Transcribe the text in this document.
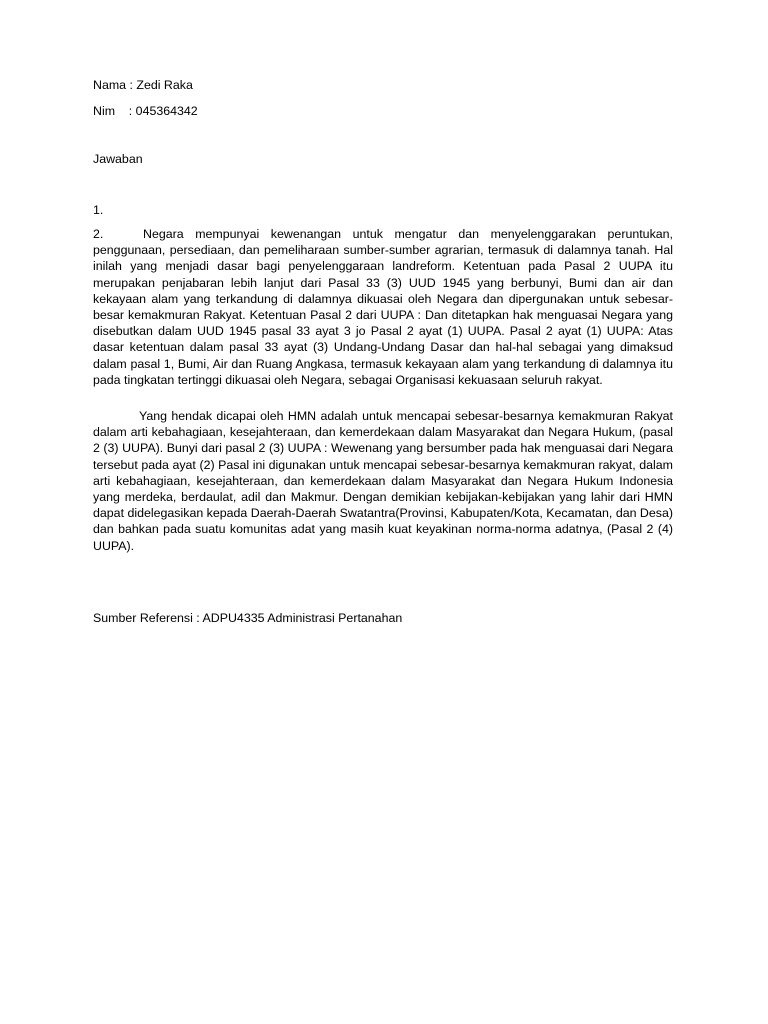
Nama : Zedi Raka
Nim    : 045364342
Jawaban
1.

2.	Negara mempunyai kewenangan untuk mengatur dan menyelenggarakan peruntukan, penggunaan, persediaan, dan pemeliharaan sumber-sumber agrarian, termasuk di dalamnya tanah. Hal inilah yang menjadi dasar bagi penyelenggaraan landreform. Ketentuan pada Pasal 2 UUPA itu merupakan penjabaran lebih lanjut dari Pasal 33 (3) UUD 1945 yang berbunyi, Bumi dan air dan kekayaan alam yang terkandung di dalamnya dikuasai oleh Negara dan dipergunakan untuk sebesar-besar kemakmuran Rakyat. Ketentuan Pasal 2 dari UUPA : Dan ditetapkan hak menguasai Negara yang disebutkan dalam UUD 1945 pasal 33 ayat 3 jo Pasal 2 ayat (1) UUPA. Pasal 2 ayat (1) UUPA: Atas dasar ketentuan dalam pasal 33 ayat (3) Undang-Undang Dasar dan hal-hal sebagai yang dimaksud dalam pasal 1, Bumi, Air dan Ruang Angkasa, termasuk kekayaan alam yang terkandung di dalamnya itu pada tingkatan tertinggi dikuasai oleh Negara, sebagai Organisasi kekuasaan seluruh rakyat.

Yang hendak dicapai oleh HMN adalah untuk mencapai sebesar-besarnya kemakmuran Rakyat dalam arti kebahagiaan, kesejahteraan, dan kemerdekaan dalam Masyarakat dan Negara Hukum, (pasal 2 (3) UUPA). Bunyi dari pasal 2 (3) UUPA : Wewenang yang bersumber pada hak menguasai dari Negara tersebut pada ayat (2) Pasal ini digunakan untuk mencapai sebesar-besarnya kemakmuran rakyat, dalam arti kebahagiaan, kesejahteraan, dan kemerdekaan dalam Masyarakat dan Negara Hukum Indonesia yang merdeka, berdaulat, adil dan Makmur. Dengan demikian kebijakan-kebijakan yang lahir dari HMN dapat didelegasikan kepada Daerah-Daerah Swatantra(Provinsi, Kabupaten/Kota, Kecamatan, dan Desa) dan bahkan pada suatu komunitas adat yang masih kuat keyakinan norma-norma adatnya, (Pasal 2 (4) UUPA).

Sumber Referensi : ADPU4335 Administrasi Pertanahan
